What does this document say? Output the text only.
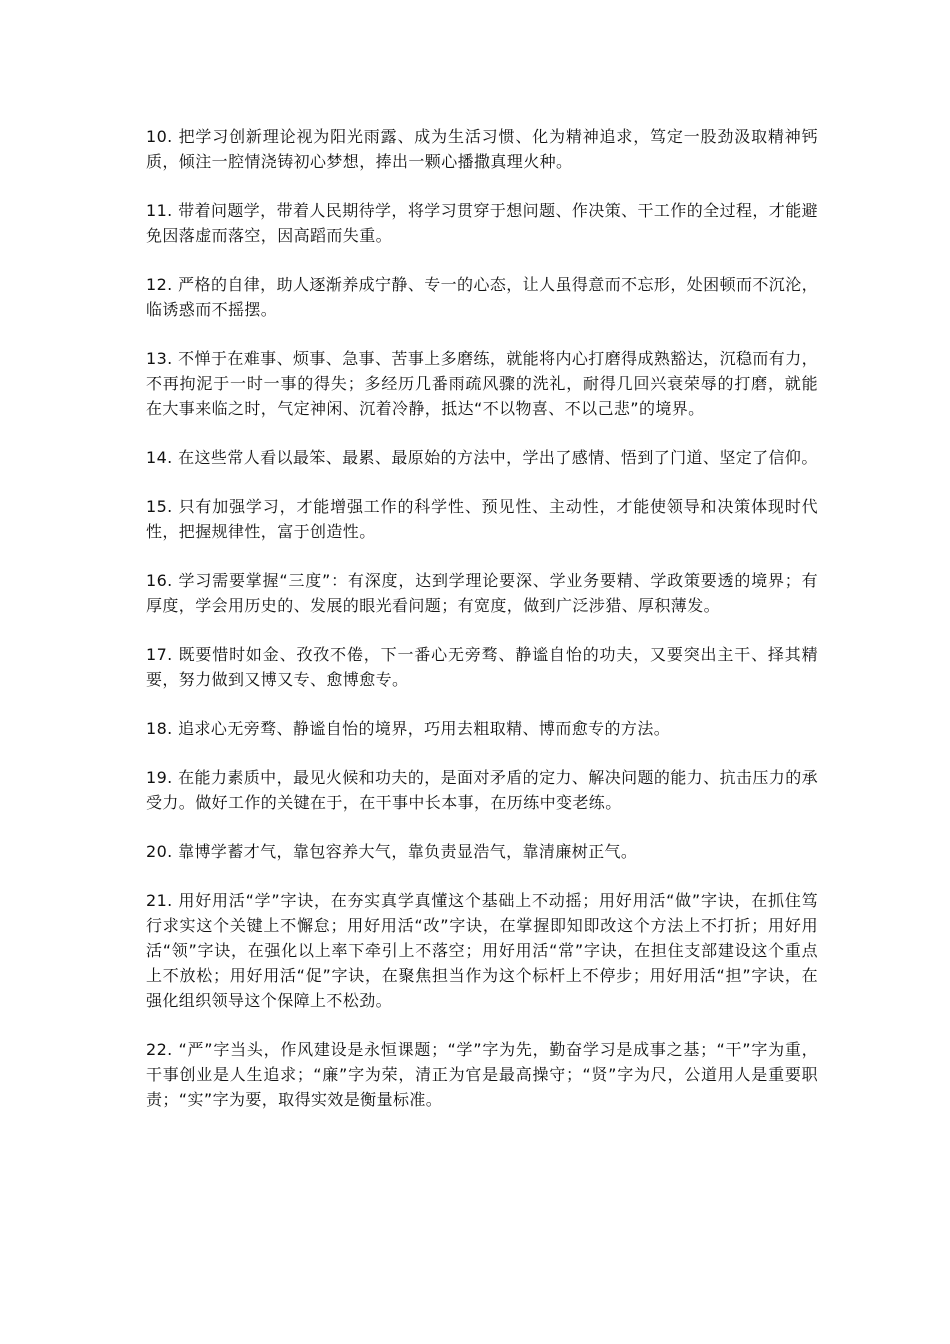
10. 把学习创新理论视为阳光雨露、成为生活习惯、化为精神追求，笃定一股劲汲取精神钙质，倾注一腔情浇铸初心梦想，捧出一颗心播撒真理火种。

11. 带着问题学，带着人民期待学，将学习贯穿于想问题、作决策、干工作的全过程，才能避免因落虚而落空，因高蹈而失重。

12. 严格的自律，助人逐渐养成宁静、专一的心态，让人虽得意而不忘形，处困顿而不沉沦，临诱惑而不摇摆。

13. 不惮于在难事、烦事、急事、苦事上多磨练，就能将内心打磨得成熟豁达，沉稳而有力，不再拘泥于一时一事的得失；多经历几番雨疏风骤的洗礼，耐得几回兴衰荣辱的打磨，就能在大事来临之时，气定神闲、沉着冷静，抵达“不以物喜、不以己悲”的境界。

14. 在这些常人看以最笨、最累、最原始的方法中，学出了感情、悟到了门道、坚定了信仰。

15. 只有加强学习，才能增强工作的科学性、预见性、主动性，才能使领导和决策体现时代性，把握规律性，富于创造性。

16. 学习需要掌握“三度”：有深度，达到学理论要深、学业务要精、学政策要透的境界；有厚度，学会用历史的、发展的眼光看问题；有宽度，做到广泛涉猎、厚积薄发。

17. 既要惜时如金、孜孜不倦，下一番心无旁骛、静谧自怡的功夫，又要突出主干、择其精要，努力做到又博又专、愈博愈专。

18. 追求心无旁骛、静谧自怡的境界，巧用去粗取精、博而愈专的方法。

19. 在能力素质中，最见火候和功夫的，是面对矛盾的定力、解决问题的能力、抗击压力的承受力。做好工作的关键在于，在干事中长本事，在历练中变老练。

20. 靠博学蓄才气，靠包容养大气，靠负责显浩气，靠清廉树正气。

21. 用好用活“学”字诀，在夯实真学真懂这个基础上不动摇；用好用活“做”字诀，在抓住笃行求实这个关键上不懈怠；用好用活“改”字诀，在掌握即知即改这个方法上不打折；用好用活“领”字诀，在强化以上率下牵引上不落空；用好用活“常”字诀，在担住支部建设这个重点上不放松；用好用活“促”字诀，在聚焦担当作为这个标杆上不停步；用好用活“担”字诀，在强化组织领导这个保障上不松劲。

22. “严”字当头，作风建设是永恒课题；“学”字为先，勤奋学习是成事之基；“干”字为重，干事创业是人生追求；“廉”字为荣，清正为官是最高操守；“贤”字为尺，公道用人是重要职责；“实”字为要，取得实效是衡量标准。
